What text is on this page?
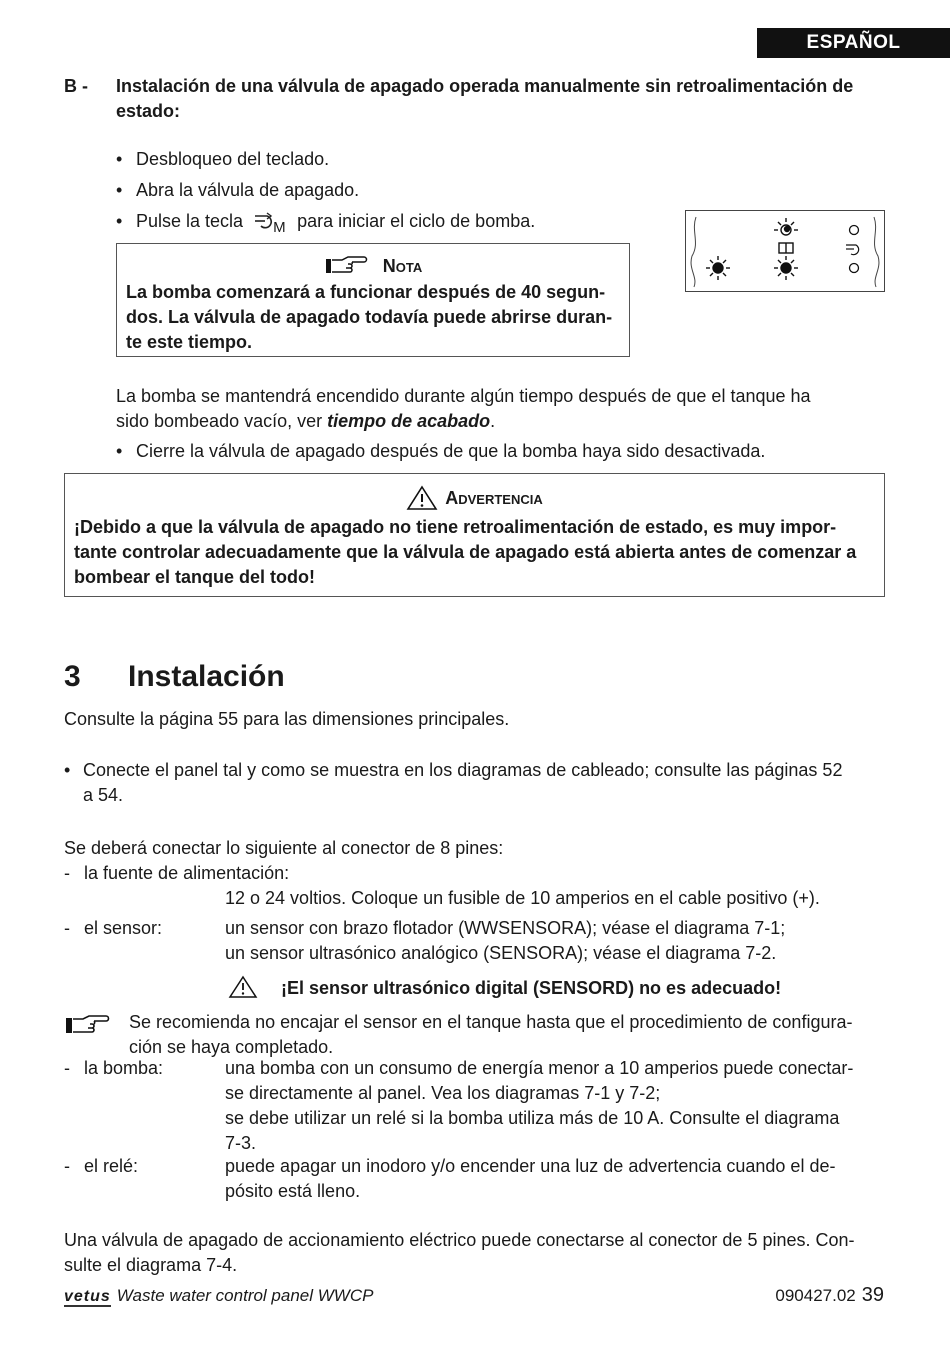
ESPAÑOL
B - Instalación de una válvula de apagado operada manualmente sin retroalimentación de estado:
• Desbloqueo del teclado.
• Abra la válvula de apagado.
• Pulse la tecla M para iniciar el ciclo de bomba.
Nota
La bomba comenzará a funcionar después de 40 segun-
dos. La válvula de apagado todavía puede abrirse duran-
te este tiempo.
La bomba se mantendrá encendido durante algún tiempo después de que el tanque ha
sido bombeado vacío, ver tiempo de acabado.
• Cierre la válvula de apagado después de que la bomba haya sido desactivada.
Advertencia
¡Debido a que la válvula de apagado no tiene retroalimentación de estado, es muy impor-
tante controlar adecuadamente que la válvula de apagado está abierta antes de comenzar a
bombear el tanque del todo!
3 Instalación
Consulte la página 55 para las dimensiones principales.
• Conecte el panel tal y como se muestra en los diagramas de cableado; consulte las páginas 52
a 54.
Se deberá conectar lo siguiente al conector de 8 pines:
- la fuente de alimentación:
12 o 24 voltios. Coloque un fusible de 10 amperios en el cable positivo (+).
- el sensor:	un sensor con brazo flotador (WWSENSORA); véase el diagrama 7-1;
un sensor ultrasónico analógico (SENSORA); véase el diagrama 7-2.
¡El sensor ultrasónico digital (SENSORD) no es adecuado!
Se recomienda no encajar el sensor en el tanque hasta que el procedimiento de configura-
ción se haya completado.
- la bomba:	una bomba con un consumo de energía menor a 10 amperios puede conectar-
se directamente al panel. Vea los diagramas 7-1 y 7-2;
se debe utilizar un relé si la bomba utiliza más de 10 A. Consulte el diagrama
7-3.
- el relé:	puede apagar un inodoro y/o encender una luz de advertencia cuando el de-
pósito está lleno.
Una válvula de apagado de accionamiento eléctrico puede conectarse al conector de 5 pines. Con-
sulte el diagrama 7-4.
vetus Waste water control panel WWCP	090427.02 39
